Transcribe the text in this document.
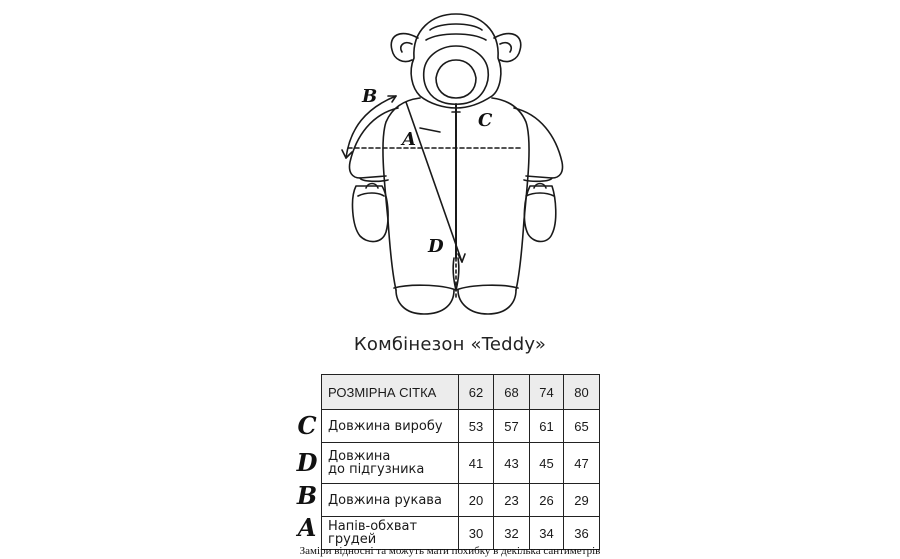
B
A
C
D
Комбінезон «Teddy»
РОЗМІРНА СІТКА	62	68	74	80
Довжина виробу	53	57	61	65
Довжина
до підгузника	41	43	45	47
Довжина рукава	20	23	26	29
Напів-обхват грудей	30	32	34	36
C
D
B
A
Заміри відносні та можуть мати похибку в декілька сантиметрів
